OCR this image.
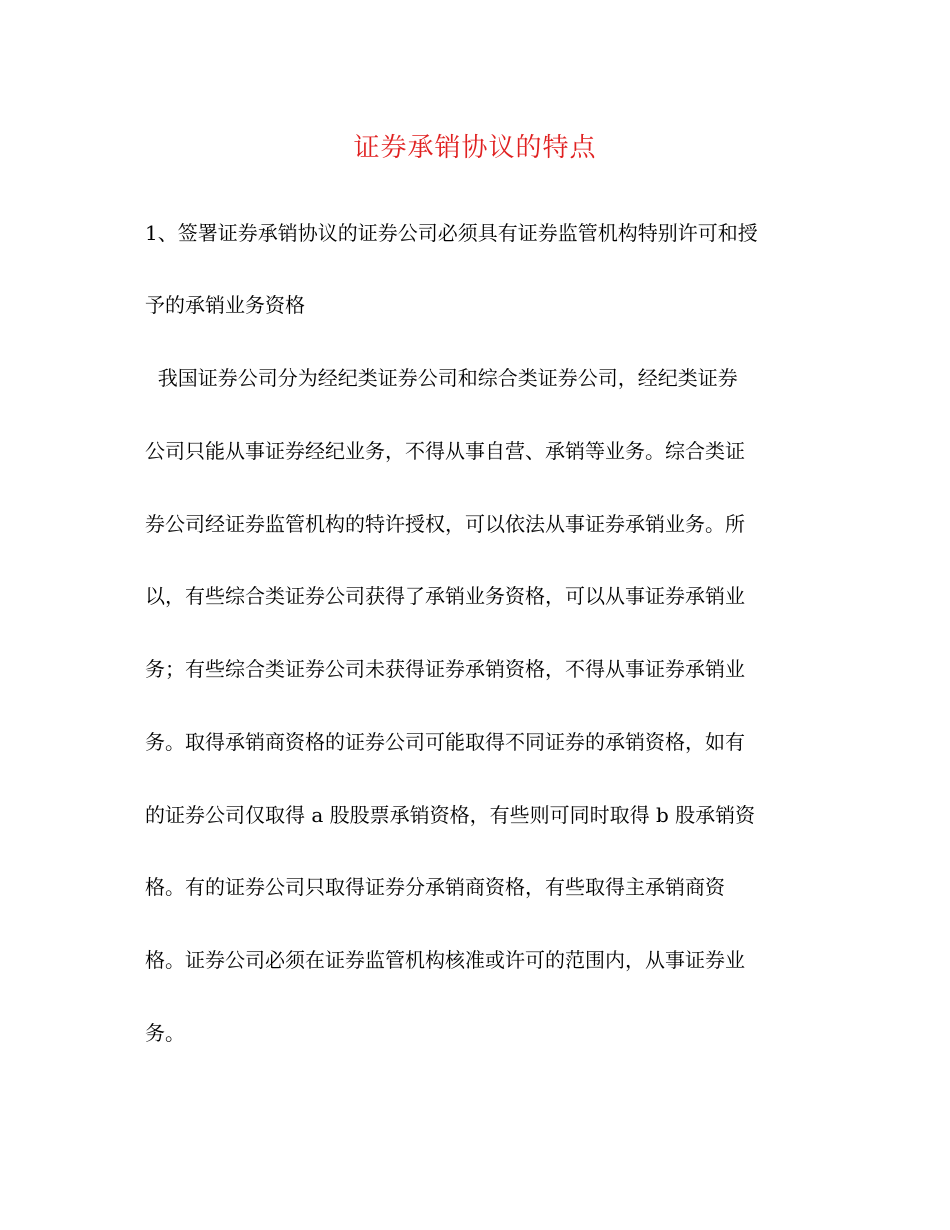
证券承销协议的特点
1、签署证券承销协议的证券公司必须具有证券监管机构特别许可和授
予的承销业务资格
我国证券公司分为经纪类证券公司和综合类证券公司，经纪类证券
公司只能从事证券经纪业务，不得从事自营、承销等业务。综合类证
券公司经证券监管机构的特许授权，可以依法从事证券承销业务。所
以，有些综合类证券公司获得了承销业务资格，可以从事证券承销业
务；有些综合类证券公司未获得证券承销资格，不得从事证券承销业
务。取得承销商资格的证券公司可能取得不同证券的承销资格，如有
的证券公司仅取得 a 股股票承销资格，有些则可同时取得 b 股承销资
格。有的证券公司只取得证券分承销商资格，有些取得主承销商资
格。证券公司必须在证券监管机构核准或许可的范围内，从事证券业
务。
